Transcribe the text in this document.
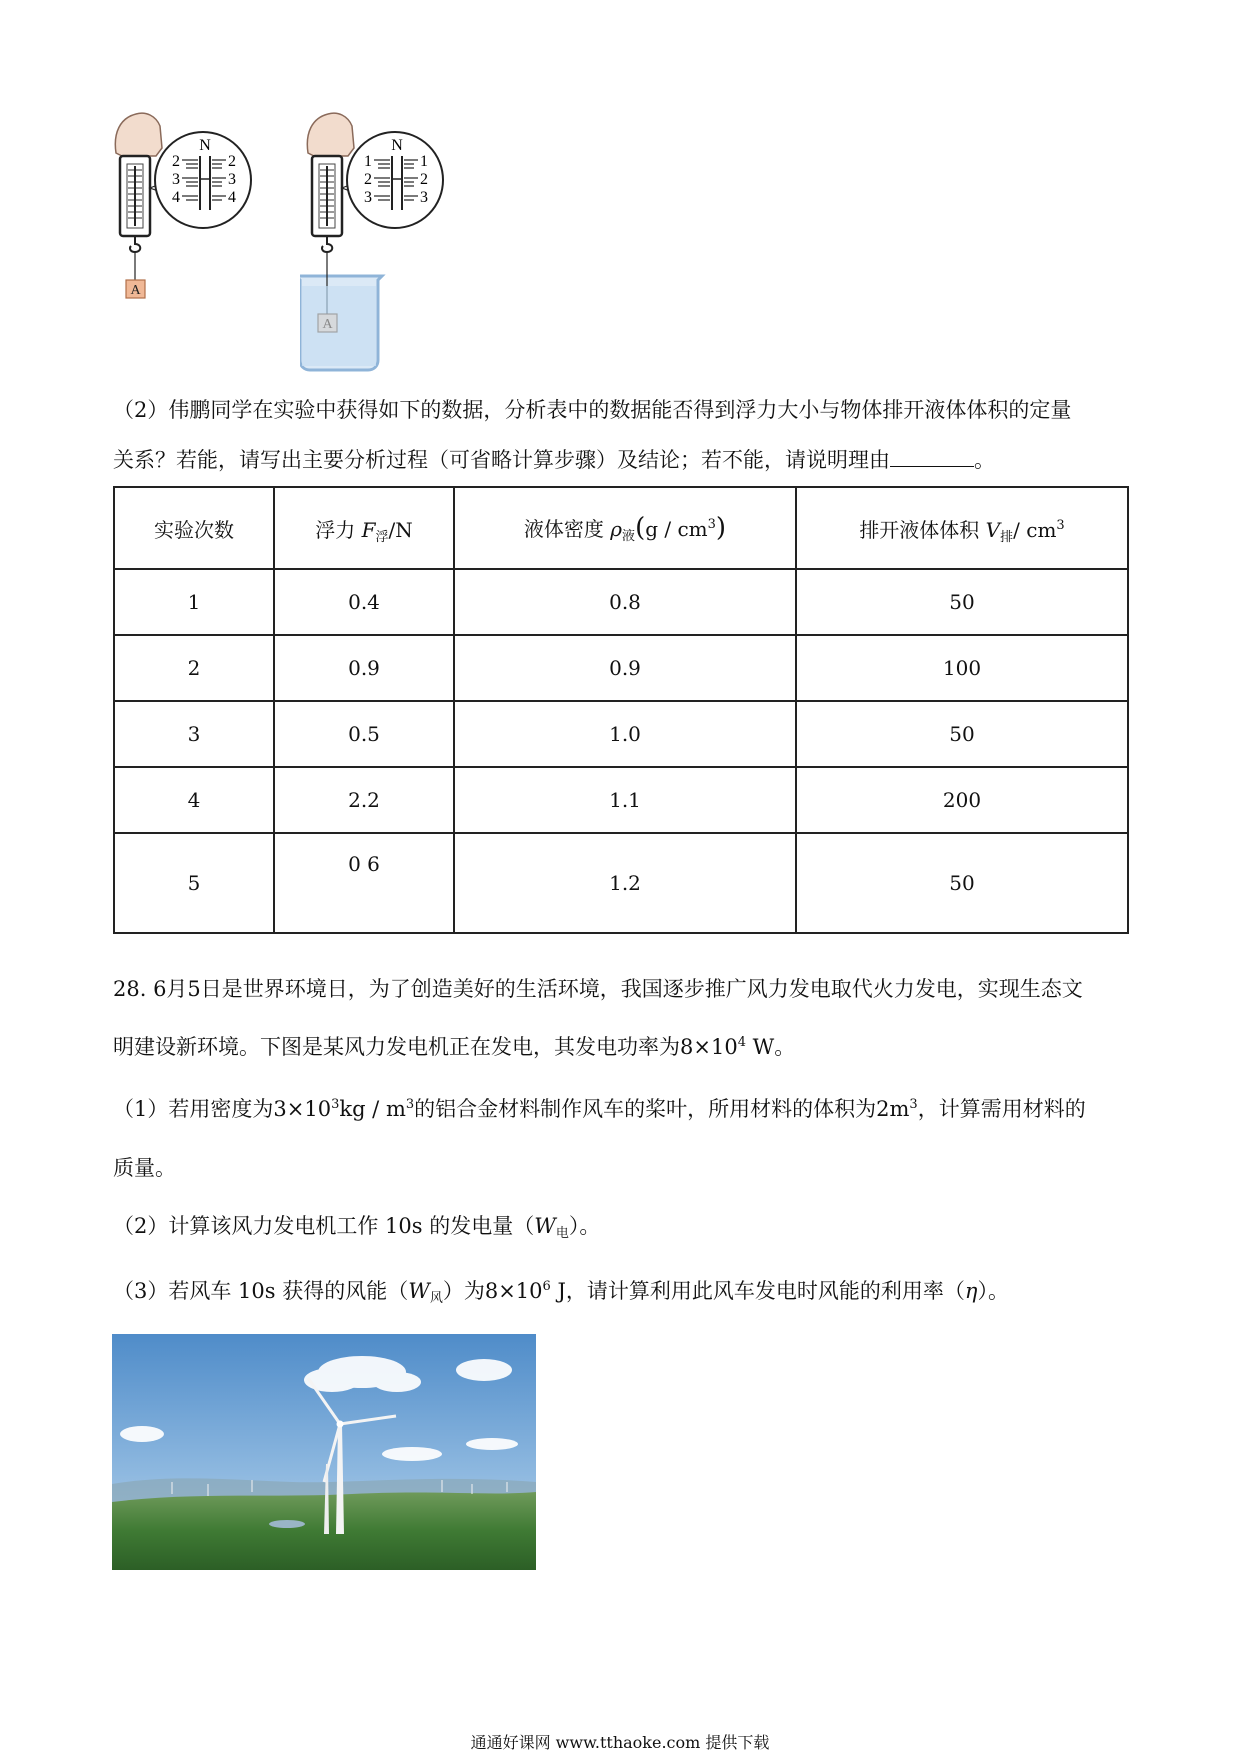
A
N
2
3
4
2
3
4
A
N
1
2
3
1
2
3
（2）伟鹏同学在实验中获得如下的数据，分析表中的数据能否得到浮力大小与物体排开液体体积的定量
关系？若能，请写出主要分析过程（可省略计算步骤）及结论；若不能，请说明理由	。
实验次数	浮力 $F_浮/N$	液体密度 $\rho_液(g / cm^3)$	排开液体体积 $V_排/$ $cm^3$
1	0.4	0.8	50
2	0.9	0.9	100
3	0.5	1.0	50
4	2.2	1.1	200
5	0 6	1.2	50
28. 6月5日是世界环境日，为了创造美好的生活环境，我国逐步推广风力发电取代火力发电，实现生态文
明建设新环境。下图是某风力发电机正在发电，其发电功率为$8\times 10^4$ W。
（1）若用密度为$3\times 10^3kg / m^3$的铝合金材料制作风车的桨叶，所用材料的体积为$2m^3$，计算需用材料的
质量。
（2）计算该风力发电机工作 10s 的发电量$(W_电)$。
（3）若风车 10s 获得的风能$(W_风)$为$8\times 10^6$ J，请计算利用此风车发电时风能的利用率（η）。
通通好课网 www.tthaoke.com 提供下载
